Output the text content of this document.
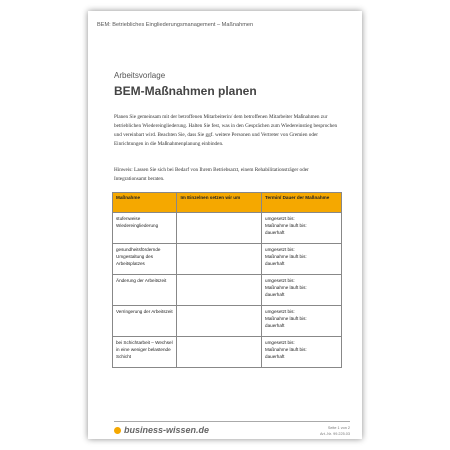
BEM: Betriebliches Eingliederungsmanagement – Maßnahmen
Arbeitsvorlage
BEM-Maßnahmen planen
Planen Sie gemeinsam mit der betroffenen Mitarbeiterin/ dem betroffenen Mitarbeiter Maßnahmen zur betrieblichen Wiedereingliederung. Halten Sie fest, was in den Gesprächen zum Wiedereinstieg besprochen und vereinbart wird. Beachten Sie, dass Sie ggf. weitere Personen und Vertreter von Gremien oder Einrichtungen in die Maßnahmenplanung einbinden.
Hinweis: Lassen Sie sich bei Bedarf von Ihrem Betriebsarzt, einem Rehabilitationsträger oder Integrationsamt beraten.
Maßnahme	Im Einzelnen setzen wir um	Termin/ Dauer der Maßnahme
stufenweise Wiedereingliederung		umgesetzt bis:
Maßnahme läuft bis:
dauerhaft

gesundheitsfördernde Umgestaltung des Arbeitsplatzes		umgesetzt bis:
Maßnahme läuft bis:
dauerhaft

Änderung der Arbeitszeit		umgesetzt bis:
Maßnahme läuft bis:
dauerhaft

Verringerung der Arbeitszeit		umgesetzt bis:
Maßnahme läuft bis:
dauerhaft

bei Schichtarbeit – Wechsel in eine weniger belastende Schicht		umgesetzt bis:
Maßnahme läuft bis:
dauerhaft
business-wissen.de	Seite 1 von 2
Art.-Nr. 99.225.03
